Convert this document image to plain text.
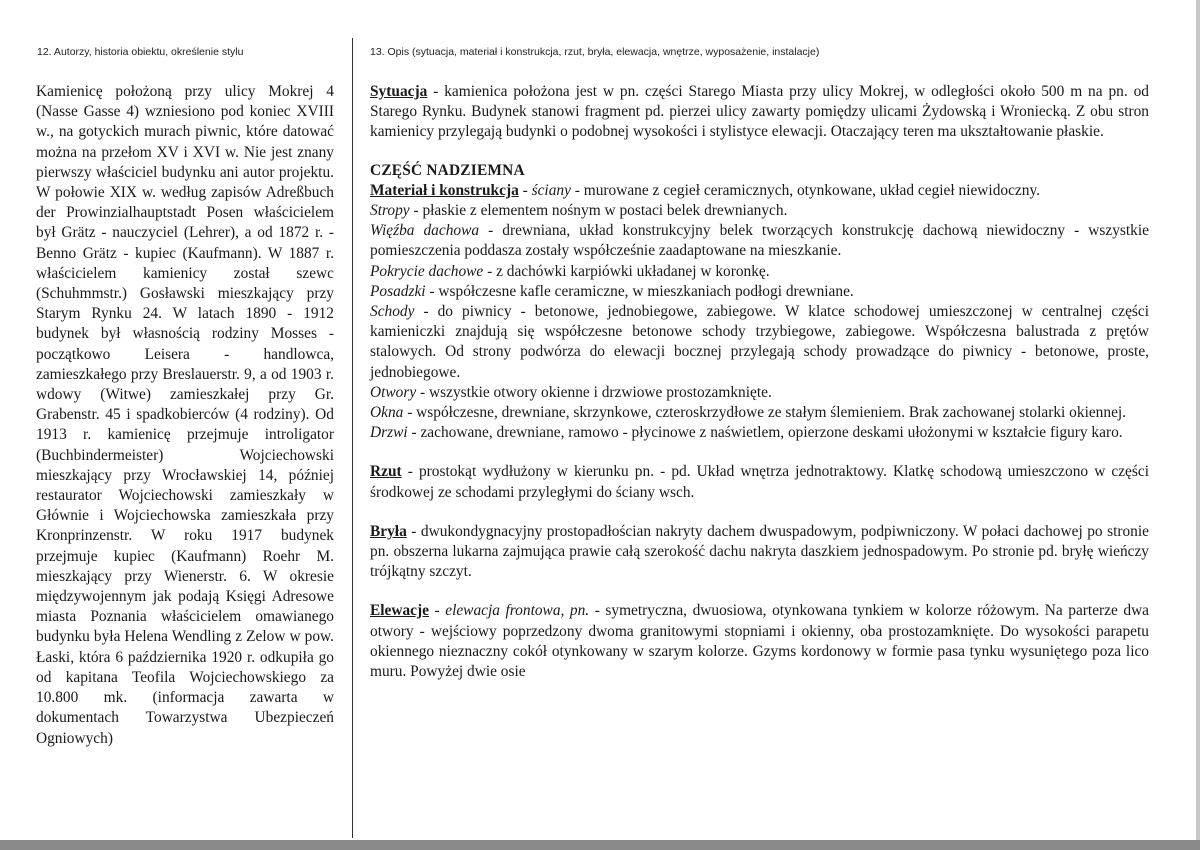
12. Autorzy, historia obiektu, określenie stylu	13. Opis (sytuacja, materiał i konstrukcja, rzut, bryła, elewacja, wnętrze, wyposażenie, instalacje)
Kamienicę położoną przy ulicy Mokrej 4 (Nasse Gasse 4) wzniesiono pod koniec XVIII w., na gotyckich murach piwnic, które datować można na przełom XV i XVI w. Nie jest znany pierwszy właściciel budynku ani autor projektu. W połowie XIX w. według zapisów Adreßbuch der Prowinzialhauptstadt Posen właścicielem był Grätz - nauczyciel (Lehrer), a od 1872 r. - Benno Grätz - kupiec (Kaufmann). W 1887 r. właścicielem kamienicy został szewc (Schuhmmstr.) Gosławski mieszkający przy Starym Rynku 24. W latach 1890 - 1912 budynek był własnością rodziny Mosses - początkowo Leisera - handlowca, zamieszkałego przy Breslauerstr. 9, a od 1903 r. wdowy (Witwe) zamieszkałej przy Gr. Grabenstr. 45 i spadkobierców (4 rodziny). Od 1913 r. kamienicę przejmuje introligator (Buchbindermeister) Wojciechowski mieszkający przy Wrocławskiej 14, później restaurator Wojciechowski zamieszkały w Głównie i Wojciechowska zamieszkała przy Kronprinzenstr. W roku 1917 budynek przejmuje kupiec (Kaufmann) Roehr M. mieszkający przy Wienerstr. 6. W okresie międzywojennym jak podają Księgi Adresowe miasta Poznania właścicielem omawianego budynku była Helena Wendling z Zelow w pow. Łaski, która 6 października 1920 r. odkupiła go od kapitana Teofila Wojciechowskiego za 10.800 mk. (informacja zawarta w dokumentach Towarzystwa Ubezpieczeń Ogniowych)

Sytuacja - kamienica położona jest w pn. części Starego Miasta przy ulicy Mokrej, w odległości około 500 m na pn. od Starego Rynku. Budynek stanowi fragment pd. pierzei ulicy zawarty pomiędzy ulicami Żydowską i Wroniecką. Z obu stron kamienicy przylegają budynki o podobnej wysokości i stylistyce elewacji. Otaczający teren ma ukształtowanie płaskie.

CZĘŚĆ NADZIEMNA

Materiał i konstrukcja - ściany - murowane z cegieł ceramicznych, otynkowane, układ cegieł niewidoczny.

Stropy - płaskie z elementem nośnym w postaci belek drewnianych.

Więźba dachowa - drewniana, układ konstrukcyjny belek tworzących konstrukcję dachową niewidoczny - wszystkie pomieszczenia poddasza zostały współcześnie zaadaptowane na mieszkanie.

Pokrycie dachowe - z dachówki karpiówki układanej w koronkę.

Posadzki - współczesne kafle ceramiczne, w mieszkaniach podłogi drewniane.

Schody - do piwnicy - betonowe, jednobiegowe, zabiegowe. W klatce schodowej umieszczonej w centralnej części kamieniczki znajdują się współczesne betonowe schody trzybiegowe, zabiegowe. Współczesna balustrada z prętów stalowych. Od strony podwórza do elewacji bocznej przylegają schody prowadzące do piwnicy - betonowe, proste, jednobiegowe.

Otwory - wszystkie otwory okienne i drzwiowe prostozamknięte.

Okna - współczesne, drewniane, skrzynkowe, czteroskrzydłowe ze stałym ślemieniem. Brak zachowanej stolarki okiennej.

Drzwi - zachowane, drewniane, ramowo - płycinowe z naświetlem, opierzone deskami ułożonymi w kształcie figury karo.

Rzut - prostokąt wydłużony w kierunku pn. - pd. Układ wnętrza jednotraktowy. Klatkę schodową umieszczono w części środkowej ze schodami przyległymi do ściany wsch.

Bryła - dwukondygnacyjny prostopadłościan nakryty dachem dwuspadowym, podpiwniczony. W połaci dachowej po stronie pn. obszerna lukarna zajmująca prawie całą szerokość dachu nakryta daszkiem jednospadowym. Po stronie pd. bryłę wieńczy trójkątny szczyt.

Elewacje - elewacja frontowa, pn. - symetryczna, dwuosiowa, otynkowana tynkiem w kolorze różowym. Na parterze dwa otwory - wejściowy poprzedzony dwoma granitowymi stopniami i okienny, oba prostozamknięte. Do wysokości parapetu okiennego nieznaczny cokół otynkowany w szarym kolorze. Gzyms kordonowy w formie pasa tynku wysuniętego poza lico muru. Powyżej dwie osie
